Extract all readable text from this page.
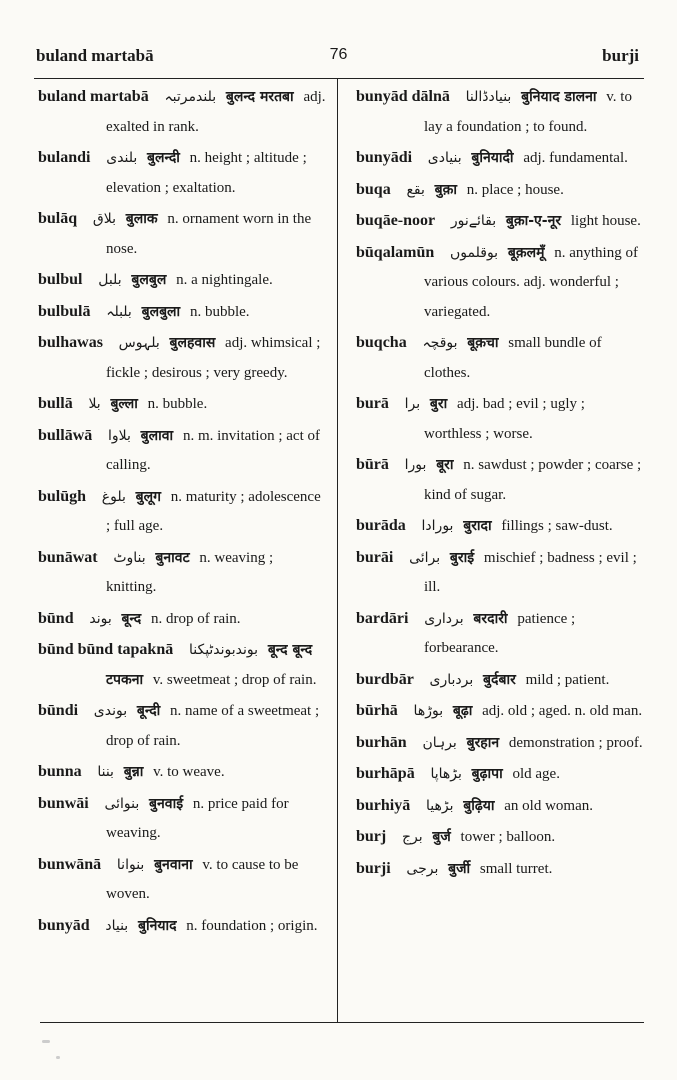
buland martabā	76	burji
buland martabā بلندمرتبہ बुलन्द मरतबा adj. exalted in rank.
bulandi بلندی बुलन्दी n. height ; altitude ; elevation ; exaltation.
bulāq بلاق बुलाक n. ornament worn in the nose.
bulbul بلبل बुलबुल n. a nightingale.
bulbulā بلبلہ बुलबुला n. bubble.
bulhawas بلہوس बुलहवास adj. whimsical ; fickle ; desirous ; very greedy.
bullā بلا बुल्ला n. bubble.
bullāwā بلاوا बुलावा n. m. invitation ; act of calling.
bulūgh بلوغ बुलूग n. maturity ; adolescence ; full age.
bunāwat بناوٹ बुनावट n. weaving ; knitting.
būnd بوند बून्द n. drop of rain.
būnd būnd tapaknā بوندبوندٹپکنا बून्द बून्द टपकना v. sweetmeat ; drop of rain.
būndi بوندی बून्दी n. name of a sweetmeat ; drop of rain.
bunna بننا बुन्ना v. to weave.
bunwāi بنوائی बुनवाई n. price paid for weaving.
bunwānā بنوانا बुनवाना v. to cause to be woven.
bunyād بنیاد बुनियाद n. foundation ; origin.
bunyād dālnā بنیادڈالنا बुनियाद डालना v. to lay a foundation ; to found.
bunyādi بنیادی बुनियादी adj. fundamental.
buqa بقع बुक़ा n. place ; house.
buqāe-noor بقائےنور बुक़ा-ए-नूर light house.
būqalamūn بوقلموں बूक़लमूँ n. anything of various colours. adj. wonderful ; variegated.
buqcha بوقچہ बूक़चा small bundle of clothes.
burā برا बुरा adj. bad ; evil ; ugly ; worthless ; worse.
būrā بورا बूरा n. sawdust ; powder ; coarse ; kind of sugar.
burāda بورادا बुरादा fillings ; saw-dust.
burāi برائی बुराई mischief ; badness ; evil ; ill.
bardāri برداری बरदारी patience ; forbearance.
burdbār بردباری बुर्दबार mild ; patient.
būrhā بوڑھا बूढ़ा adj. old ; aged. n. old man.
burhān برہان बुरहान demonstration ; proof.
burhāpā بڑھاپا बुढ़ापा old age.
burhiyā بڑھیا बुढ़िया an old woman.
burj برج बुर्ज tower ; balloon.
burji برجی बुर्जी small turret.
